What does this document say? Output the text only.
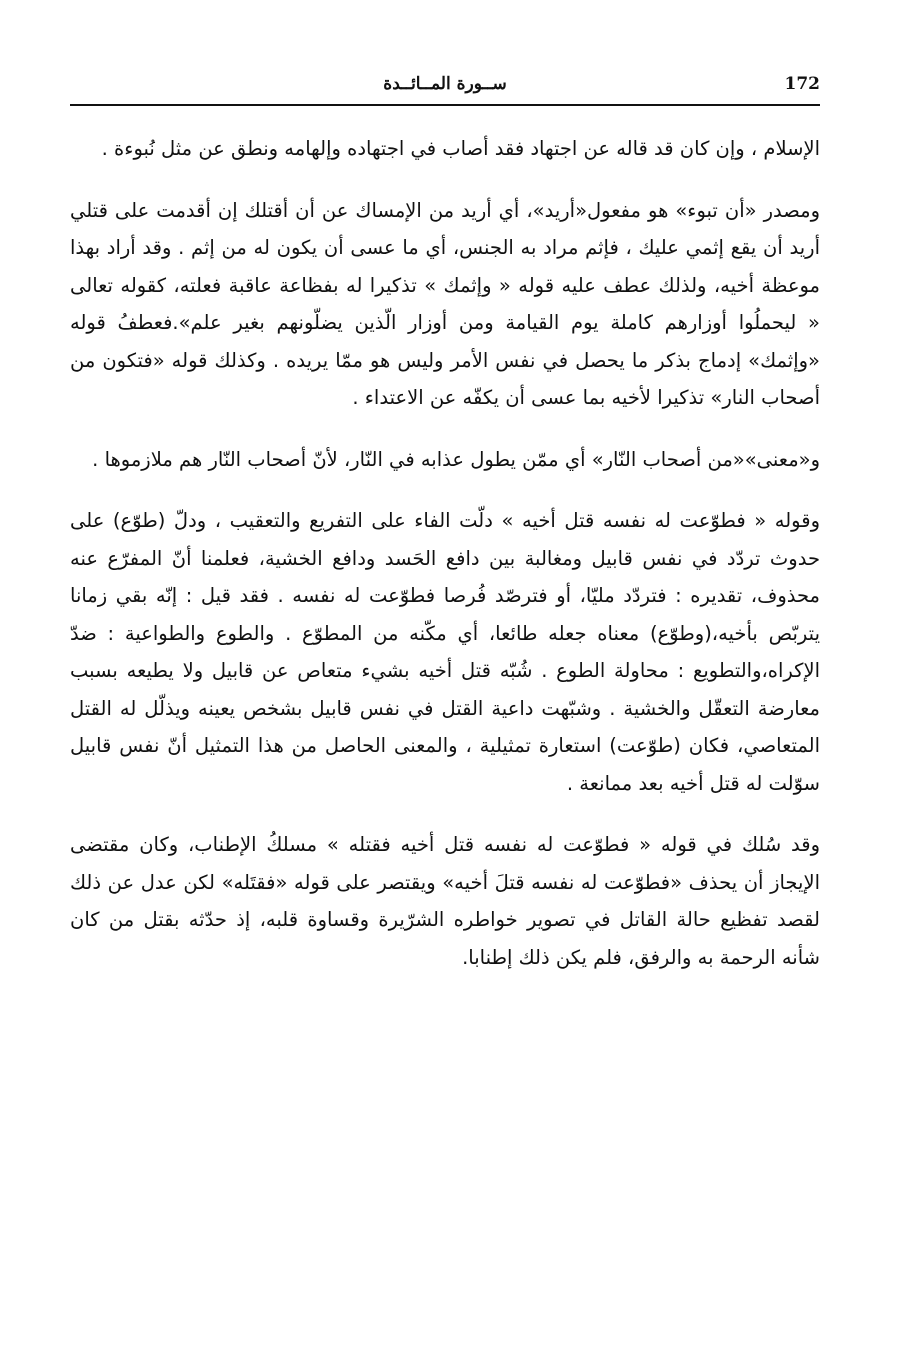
172
ســورة المــائــدة

الإسلام ، وإن كان قد قاله عن اجتهاد فقد أصاب في اجتهاده وإلهامه ونطق عن مثل نُبوءة .

ومصدر «أن تبوء» هو مفعول«أريد»، أي أريد من الإمساك عن أن أقتلك إن أقدمت على قتلي أريد أن يقع إثمي عليك ، فإثم مراد به الجنس، أي ما عسى أن يكون له من إثم . وقد أراد بهذا موعظة أخيه، ولذلك عطف عليه قوله « وإثمك » تذكيرا له بفظاعة عاقبة فعلته، كقوله تعالى « ليحملُوا أوزارهم كاملة يوم القيامة ومن أوزار الّذين يضلّونهم بغير علم».فعطفُ قوله «وإثمك» إدماج بذكر ما يحصل في نفس الأمر وليس هو ممّا يريده . وكذلك قوله «فتكون من أصحاب النار» تذكيرا لأخيه بما عسى أن يكفّه عن الاعتداء .

و«معنى»«من أصحاب النّار» أي ممّن يطول عذابه في النّار، لأنّ أصحاب النّار هم ملازموها .

وقوله « فطوّعت له نفسه قتل أخيه » دلّت الفاء على التفريع والتعقيب ، ودلّ (طوّع) على حدوث تردّد في نفس قابيل ومغالبة بين دافع الحَسد ودافع الخشية، فعلمنا أنّ المفرّع عنه محذوف، تقديره : فتردّد مليّا، أو فترصّد فُرصا فطوّعت له نفسه . فقد قيل : إنّه بقي زمانا يتربّص بأخيه،(وطوّع) معناه جعله طائعا، أي مكّنه من المطوّع . والطوع والطواعية : ضدّ الإكراه،والتطويع : محاولة الطوع . شُبّه قتل أخيه بشيء متعاص عن قابيل ولا يطيعه بسبب معارضة التعقّل والخشية . وشبّهت داعية القتل في نفس قابيل بشخص يعينه ويذلّل له القتل المتعاصي، فكان (طوّعت) استعارة تمثيلية ، والمعنى الحاصل من هذا التمثيل أنّ نفس قابيل سوّلت له قتل أخيه بعد ممانعة .

وقد سُلك في قوله « فطوّعت له نفسه قتل أخيه فقتله » مسلكُ الإطناب، وكان مقتضى الإيجاز أن يحذف «فطوّعت له نفسه قتلَ أخيه» ويقتصر على قوله «فقتَله» لكن عدل عن ذلك لقصد تفظيع حالة القاتل في تصوير خواطره الشرّيرة وقساوة قلبه، إذ حدّثه بقتل من كان شأنه الرحمة به والرفق، فلم يكن ذلك إطنابا.
